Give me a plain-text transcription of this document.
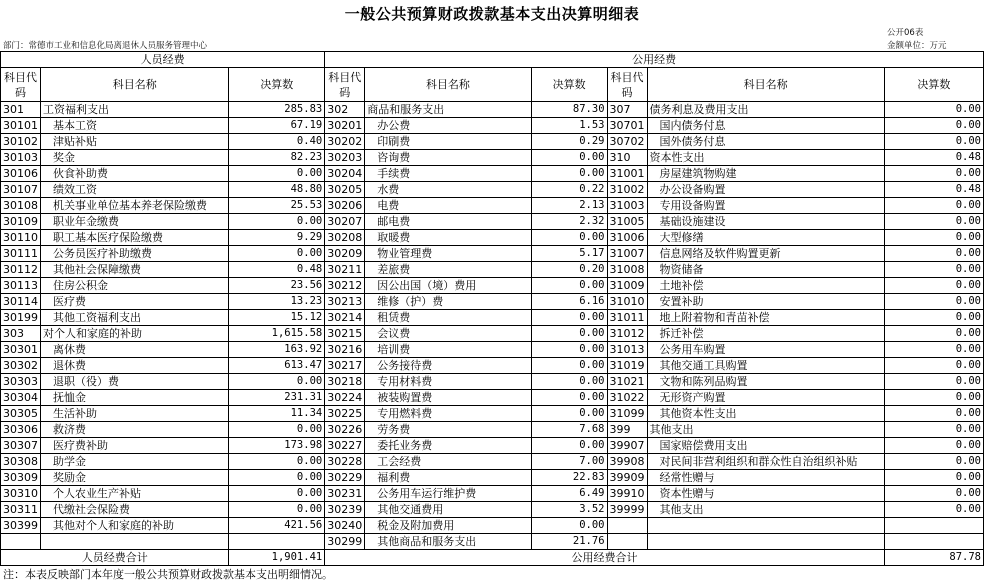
一般公共预算财政拨款基本支出决算明细表
公开06表
部门：常德市工业和信息化局离退休人员服务管理中心	金额单位：万元
人员经费			公用经费					
科目代码	科目名称	决算数	科目代码	科目名称	决算数	科目代码	科目名称	决算数
301	工资福利支出	285.83	302	商品和服务支出	87.30	307	债务利息及费用支出	0.00
30101	基本工资	67.19	30201	办公费	1.53	30701	国内债务付息	0.00
30102	津贴补贴	0.40	30202	印刷费	0.29	30702	国外债务付息	0.00
30103	奖金	82.23	30203	咨询费	0.00	310	资本性支出	0.48
30106	伙食补助费	0.00	30204	手续费	0.00	31001	房屋建筑物购建	0.00
30107	绩效工资	48.80	30205	水费	0.22	31002	办公设备购置	0.48
30108	机关事业单位基本养老保险缴费	25.53	30206	电费	2.13	31003	专用设备购置	0.00
30109	职业年金缴费	0.00	30207	邮电费	2.32	31005	基础设施建设	0.00
30110	职工基本医疗保险缴费	9.29	30208	取暖费	0.00	31006	大型修缮	0.00
30111	公务员医疗补助缴费	0.00	30209	物业管理费	5.17	31007	信息网络及软件购置更新	0.00
30112	其他社会保障缴费	0.48	30211	差旅费	0.20	31008	物资储备	0.00
30113	住房公积金	23.56	30212	因公出国（境）费用	0.00	31009	土地补偿	0.00
30114	医疗费	13.23	30213	维修（护）费	6.16	31010	安置补助	0.00
30199	其他工资福利支出	15.12	30214	租赁费	0.00	31011	地上附着物和青苗补偿	0.00
303	对个人和家庭的补助	1,615.58	30215	会议费	0.00	31012	拆迁补偿	0.00
30301	离休费	163.92	30216	培训费	0.00	31013	公务用车购置	0.00
30302	退休费	613.47	30217	公务接待费	0.00	31019	其他交通工具购置	0.00
30303	退职（役）费	0.00	30218	专用材料费	0.00	31021	文物和陈列品购置	0.00
30304	抚恤金	231.31	30224	被装购置费	0.00	31022	无形资产购置	0.00
30305	生活补助	11.34	30225	专用燃料费	0.00	31099	其他资本性支出	0.00
30306	救济费	0.00	30226	劳务费	7.68	399	其他支出	0.00
30307	医疗费补助	173.98	30227	委托业务费	0.00	39907	国家赔偿费用支出	0.00
30308	助学金	0.00	30228	工会经费	7.00	39908	对民间非营利组织和群众性自治组织补贴	0.00
30309	奖励金	0.00	30229	福利费	22.83	39909	经常性赠与	0.00
30310	个人农业生产补贴	0.00	30231	公务用车运行维护费	6.49	39910	资本性赠与	0.00
30311	代缴社会保险费	0.00	30239	其他交通费用	3.52	39999	其他支出	0.00
30399	其他对个人和家庭的补助	421.56	30240	税金及附加费用	0.00			
			30299	其他商品和服务支出	21.76			
人员经费合计		1,901.41	公用经费合计					87.78
注：本表反映部门本年度一般公共预算财政拨款基本支出明细情况。
